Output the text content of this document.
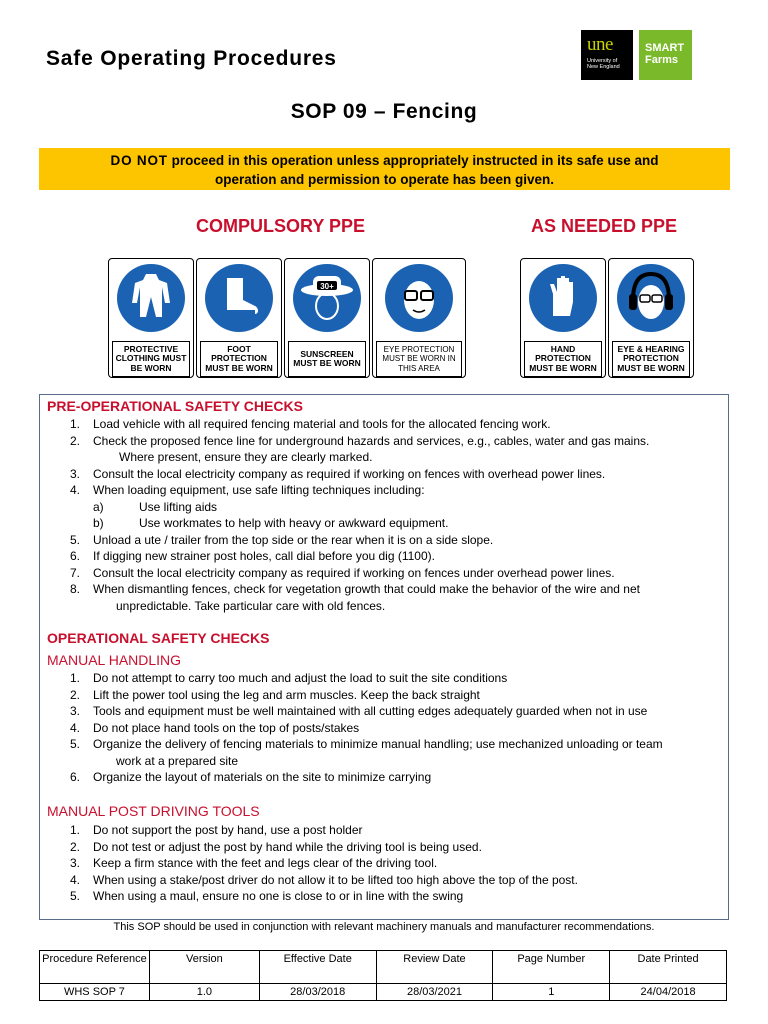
Safe Operating Procedures
SOP 09 – Fencing
une
University of
New England
SMART
Farms
DO NOT proceed in this operation unless appropriately instructed in its safe use and
operation and permission to operate has been given.
COMPULSORY PPE	AS NEEDED PPE
PROTECTIVE CLOTHING MUST BE WORN
FOOT PROTECTION MUST BE WORN
30+
SUNSCREEN MUST BE WORN
EYE PROTECTION MUST BE WORN IN THIS AREA
HAND PROTECTION MUST BE WORN
EYE & HEARING PROTECTION MUST BE WORN
PRE-OPERATIONAL SAFETY CHECKS
1. Load vehicle with all required fencing material and tools for the allocated fencing work.
2. Check the proposed fence line for underground hazards and services, e.g., cables, water and gas mains.
Where present, ensure they are clearly marked.
3. Consult the local electricity company as required if working on fences with overhead power lines.
4. When loading equipment, use safe lifting techniques including:
a)	Use lifting aids
b)	Use workmates to help with heavy or awkward equipment.
5. Unload a ute / trailer from the top side or the rear when it is on a side slope.
6. If digging new strainer post holes, call dial before you dig (1100).
7. Consult the local electricity company as required if working on fences under overhead power lines.
8. When dismantling fences, check for vegetation growth that could make the behavior of the wire and net
unpredictable. Take particular care with old fences.
OPERATIONAL SAFETY CHECKS
MANUAL HANDLING
1. Do not attempt to carry too much and adjust the load to suit the site conditions
2. Lift the power tool using the leg and arm muscles. Keep the back straight
3. Tools and equipment must be well maintained with all cutting edges adequately guarded when not in use
4. Do not place hand tools on the top of posts/stakes
5. Organize the delivery of fencing materials to minimize manual handling; use mechanized unloading or team
work at a prepared site
6. Organize the layout of materials on the site to minimize carrying
MANUAL POST DRIVING TOOLS
1. Do not support the post by hand, use a post holder
2. Do not test or adjust the post by hand while the driving tool is being used.
3. Keep a firm stance with the feet and legs clear of the driving tool.
4. When using a stake/post driver do not allow it to be lifted too high above the top of the post.
5. When using a maul, ensure no one is close to or in line with the swing
This SOP should be used in conjunction with relevant machinery manuals and manufacturer recommendations.
Procedure Reference	Version	Effective Date	Review Date	Page Number	Date Printed
WHS SOP 7	1.0	28/03/2018	28/03/2021	1	24/04/2018
